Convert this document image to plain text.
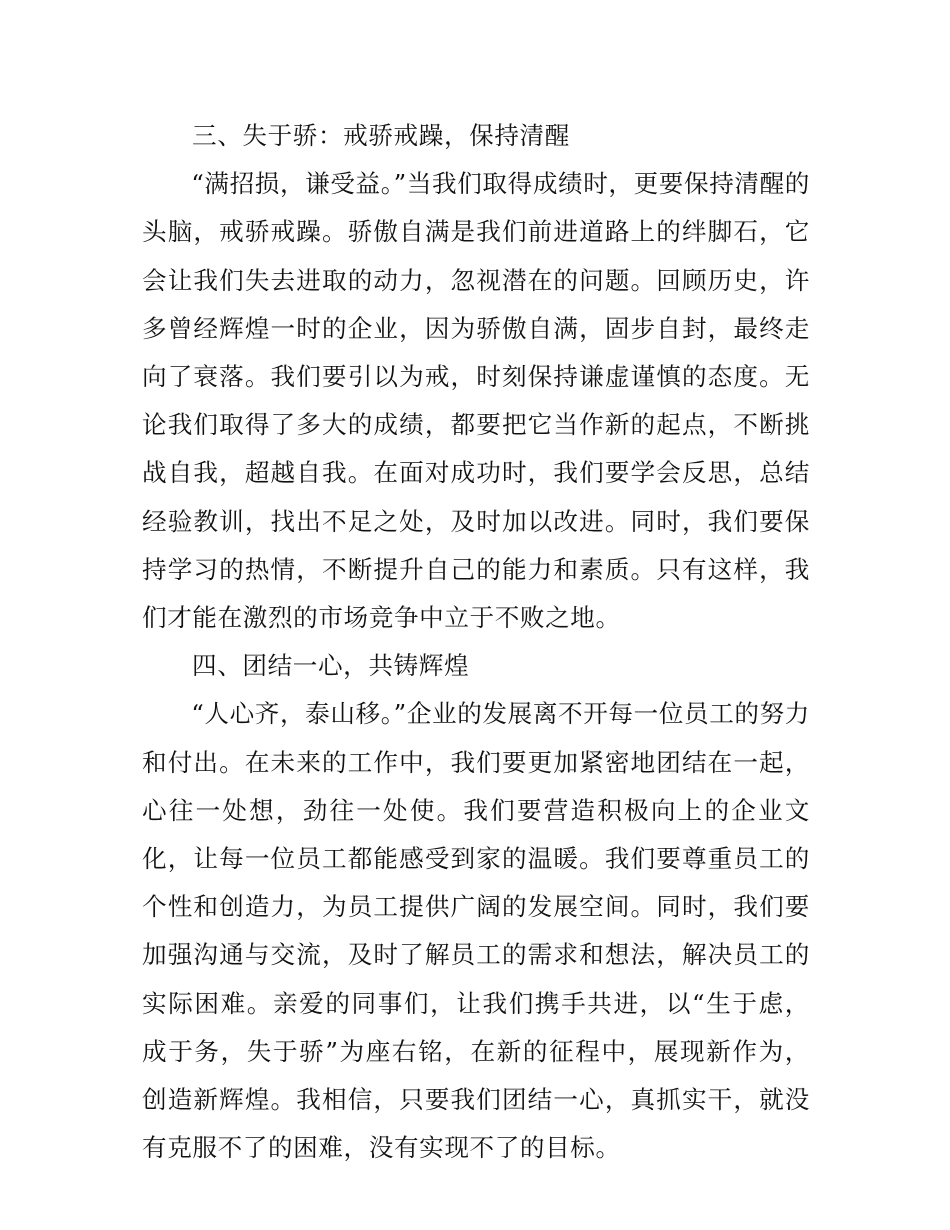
三、失于骄：戒骄戒躁，保持清醒

“满招损，谦受益。”当我们取得成绩时，更要保持清醒的头脑，戒骄戒躁。骄傲自满是我们前进道路上的绊脚石，它会让我们失去进取的动力，忽视潜在的问题。回顾历史，许多曾经辉煌一时的企业，因为骄傲自满，固步自封，最终走向了衰落。我们要引以为戒，时刻保持谦虚谨慎的态度。无论我们取得了多大的成绩，都要把它当作新的起点，不断挑战自我，超越自我。在面对成功时，我们要学会反思，总结经验教训，找出不足之处，及时加以改进。同时，我们要保持学习的热情，不断提升自己的能力和素质。只有这样，我们才能在激烈的市场竞争中立于不败之地。

四、团结一心，共铸辉煌

“人心齐，泰山移。”企业的发展离不开每一位员工的努力和付出。在未来的工作中，我们要更加紧密地团结在一起，心往一处想，劲往一处使。我们要营造积极向上的企业文化，让每一位员工都能感受到家的温暖。我们要尊重员工的个性和创造力，为员工提供广阔的发展空间。同时，我们要加强沟通与交流，及时了解员工的需求和想法，解决员工的实际困难。亲爱的同事们，让我们携手共进，以“生于虑，成于务，失于骄”为座右铭，在新的征程中，展现新作为，创造新辉煌。我相信，只要我们团结一心，真抓实干，就没有克服不了的困难，没有实现不了的目标。
